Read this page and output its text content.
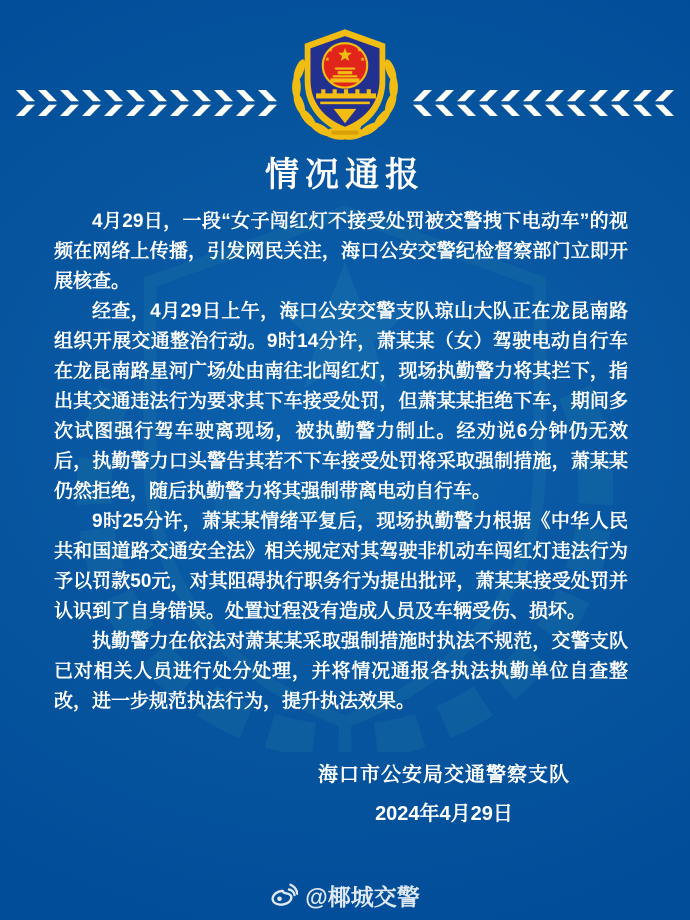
情况通报

4月29日，一段“女子闯红灯不接受处罚被交警拽下电动车”的视频在网络上传播，引发网民关注，海口公安交警纪检督察部门立即开展核查。

经查，4月29日上午，海口公安交警支队琼山大队正在龙昆南路组织开展交通整治行动。9时14分许，萧某某（女）驾驶电动自行车在龙昆南路星河广场处由南往北闯红灯，现场执勤警力将其拦下，指出其交通违法行为要求其下车接受处罚，但萧某某拒绝下车，期间多次试图强行驾车驶离现场，被执勤警力制止。经劝说6分钟仍无效后，执勤警力口头警告其若不下车接受处罚将采取强制措施，萧某某仍然拒绝，随后执勤警力将其强制带离电动自行车。

9时25分许，萧某某情绪平复后，现场执勤警力根据《中华人民共和国道路交通安全法》相关规定对其驾驶非机动车闯红灯违法行为予以罚款50元，对其阻碍执行职务行为提出批评，萧某某接受处罚并认识到了自身错误。处置过程没有造成人员及车辆受伤、损坏。

执勤警力在依法对萧某某采取强制措施时执法不规范，交警支队已对相关人员进行处分处理，并将情况通报各执法执勤单位自查整改，进一步规范执法行为，提升执法效果。

海口市公安局交通警察支队
2024年4月29日
@椰城交警
